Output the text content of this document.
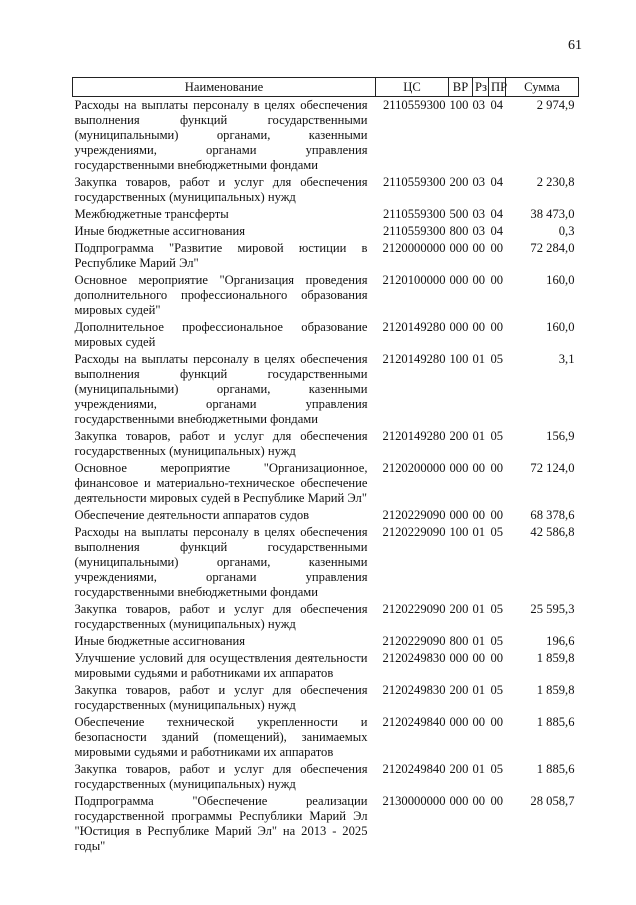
61
Наименование	ЦС	ВР	Рз	ПР	Сумма
Расходы на выплаты персоналу в целях обеспечения выполнения функций государственными (муниципальными) органами, казенными учреждениями, органами управления государственными внебюджетными фондами	2110559300	100	03	04	2 974,9
Закупка товаров, работ и услуг для обеспечения государственных (муниципальных) нужд	2110559300	200	03	04	2 230,8
Межбюджетные трансферты	2110559300	500	03	04	38 473,0
Иные бюджетные ассигнования	2110559300	800	03	04	0,3
Подпрограмма "Развитие мировой юстиции в Республике Марий Эл"	2120000000	000	00	00	72 284,0
Основное мероприятие "Организация проведения дополнительного профессионального образования мировых судей"	2120100000	000	00	00	160,0
Дополнительное профессиональное образование мировых судей	2120149280	000	00	00	160,0
Расходы на выплаты персоналу в целях обеспечения выполнения функций государственными (муниципальными) органами, казенными учреждениями, органами управления государственными внебюджетными фондами	2120149280	100	01	05	3,1
Закупка товаров, работ и услуг для обеспечения государственных (муниципальных) нужд	2120149280	200	01	05	156,9
Основное мероприятие "Организационное, финансовое и материально-техническое обеспечение деятельности мировых судей в Республике Марий Эл"	2120200000	000	00	00	72 124,0
Обеспечение деятельности аппаратов судов	2120229090	000	00	00	68 378,6
Расходы на выплаты персоналу в целях обеспечения выполнения функций государственными (муниципальными) органами, казенными учреждениями, органами управления государственными внебюджетными фондами	2120229090	100	01	05	42 586,8
Закупка товаров, работ и услуг для обеспечения государственных (муниципальных) нужд	2120229090	200	01	05	25 595,3
Иные бюджетные ассигнования	2120229090	800	01	05	196,6
Улучшение условий для осуществления деятельности мировыми судьями и работниками их аппаратов	2120249830	000	00	00	1 859,8
Закупка товаров, работ и услуг для обеспечения государственных (муниципальных) нужд	2120249830	200	01	05	1 859,8
Обеспечение технической укрепленности и безопасности зданий (помещений), занимаемых мировыми судьями и работниками их аппаратов	2120249840	000	00	00	1 885,6
Закупка товаров, работ и услуг для обеспечения государственных (муниципальных) нужд	2120249840	200	01	05	1 885,6
Подпрограмма "Обеспечение реализации государственной программы Республики Марий Эл "Юстиция в Республике Марий Эл" на 2013 - 2025 годы"	2130000000	000	00	00	28 058,7
